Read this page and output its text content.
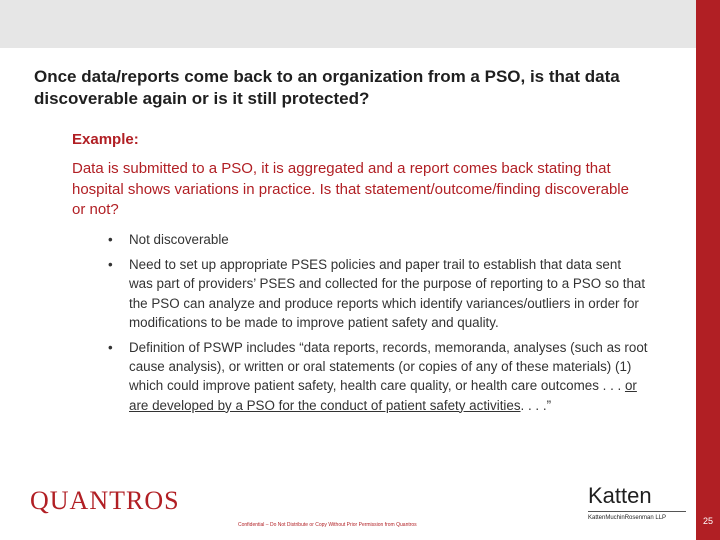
25
Once data/reports come back to an organization from a PSO, is that data discoverable again or is it still protected?
Example:
Data is submitted to a PSO, it is aggregated and a report comes back stating that hospital shows variations in practice. Is that statement/outcome/finding discoverable or not?
• Not discoverable
• Need to set up appropriate PSES policies and paper trail to establish that data sent was part of providers’ PSES and collected for the purpose of reporting to a PSO so that the PSO can analyze and produce reports which identify variances/outliers in order for modifications to be made to improve patient safety and quality.
• Definition of PSWP includes “data reports, records, memoranda, analyses (such as root cause analysis), or written or oral statements (or copies of any of these materials) (1) which could improve patient safety, health care quality, or health care outcomes . . . or are developed by a PSO for the conduct of patient safety activities. . . .”
QUANTROS
Confidential – Do Not Distribute or Copy Without Prior Permission from Quantros
Katten
KattenMuchinRosenman LLP
